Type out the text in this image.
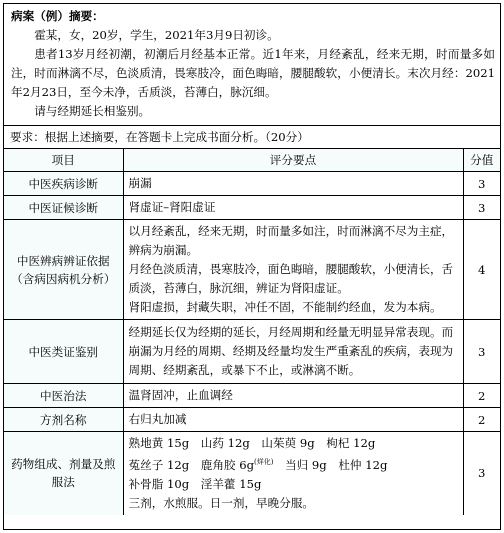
病案（例）摘要：

霍某，女，20岁，学生，2021年3月9日初诊。

患者13岁月经初潮，初潮后月经基本正常。近1年来，月经紊乱，经来无期，时而量多如注，时而淋漓不尽，色淡质清，畏寒肢冷，面色晦暗，腰腿酸软，小便清长。末次月经：2021年2月23日，至今未净，舌质淡，苔薄白，脉沉细。

请与经期延长相鉴别。

要求：根据上述摘要，在答题卡上完成书面分析。（20分）
项目	评分要点	分值
中医疾病诊断	崩漏	3
中医证候诊断	肾虚证–肾阳虚证	3
中医辨病辨证依据（含病因病机分析）	以月经紊乱，经来无期，时而量多如注，时而淋漓不尽为主症，辨病为崩漏。
月经色淡质清，畏寒肢冷，面色晦暗，腰腿酸软，小便清长，舌质淡，苔薄白，脉沉细，辨证为肾阳虚证。
肾阳虚损，封藏失职，冲任不固，不能制约经血，发为本病。	4
中医类证鉴别	经期延长仅为经期的延长，月经周期和经量无明显异常表现。而崩漏为月经的周期、经期及经量均发生严重紊乱的疾病，表现为周期、经期紊乱，或暴下不止，或淋漓不断。	3
中医治法	温肾固冲，止血调经	2
方剂名称	右归丸加减	2
药物组成、剂量及煎服法	熟地黄 15g　山药 12g　山茱萸 9g　枸杞 12g
菟丝子 12g　鹿角胶 6g$^{(烊化)}$　当归 9g　杜仲 12g
补骨脂 10g　淫羊藿 15g
三剂，水煎服。日一剂，早晚分服。	3
